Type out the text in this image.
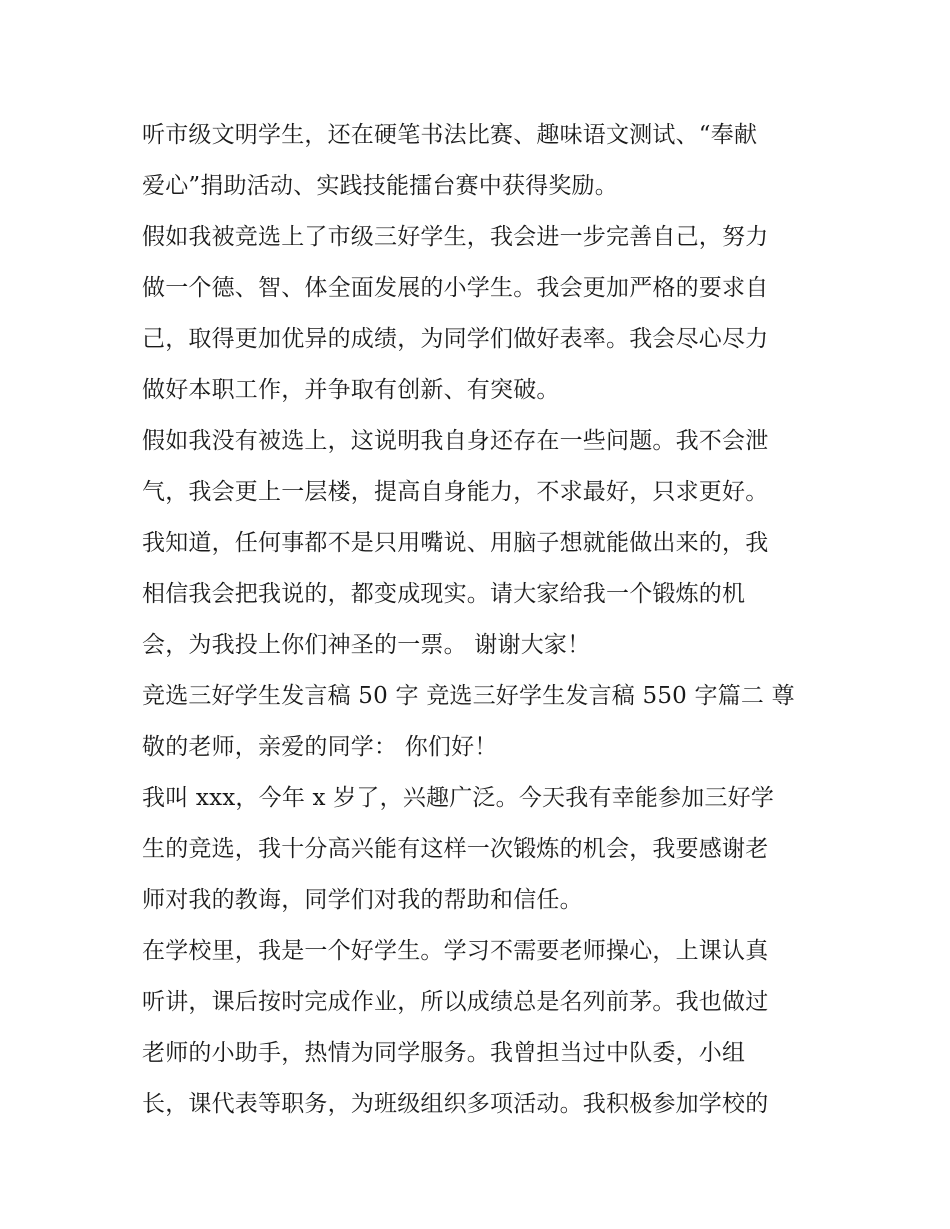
听市级文明学生，还在硬笔书法比赛、趣味语文测试、“奉献
爱心”捐助活动、实践技能擂台赛中获得奖励。
假如我被竞选上了市级三好学生，我会进一步完善自己，努力
做一个德、智、体全面发展的小学生。我会更加严格的要求自
己，取得更加优异的成绩，为同学们做好表率。我会尽心尽力
做好本职工作，并争取有创新、有突破。
假如我没有被选上，这说明我自身还存在一些问题。我不会泄
气，我会更上一层楼，提高自身能力，不求最好，只求更好。
我知道，任何事都不是只用嘴说、用脑子想就能做出来的，我
相信我会把我说的，都变成现实。请大家给我一个锻炼的机
会，为我投上你们神圣的一票。 谢谢大家！
竞选三好学生发言稿 50 字 竞选三好学生发言稿 550 字篇二 尊
敬的老师，亲爱的同学： 你们好！
我叫 xxx，今年 x 岁了，兴趣广泛。今天我有幸能参加三好学
生的竞选，我十分高兴能有这样一次锻炼的机会，我要感谢老
师对我的教诲，同学们对我的帮助和信任。
在学校里，我是一个好学生。学习不需要老师操心，上课认真
听讲，课后按时完成作业，所以成绩总是名列前茅。我也做过
老师的小助手，热情为同学服务。我曾担当过中队委，小组
长，课代表等职务，为班级组织多项活动。我积极参加学校的
